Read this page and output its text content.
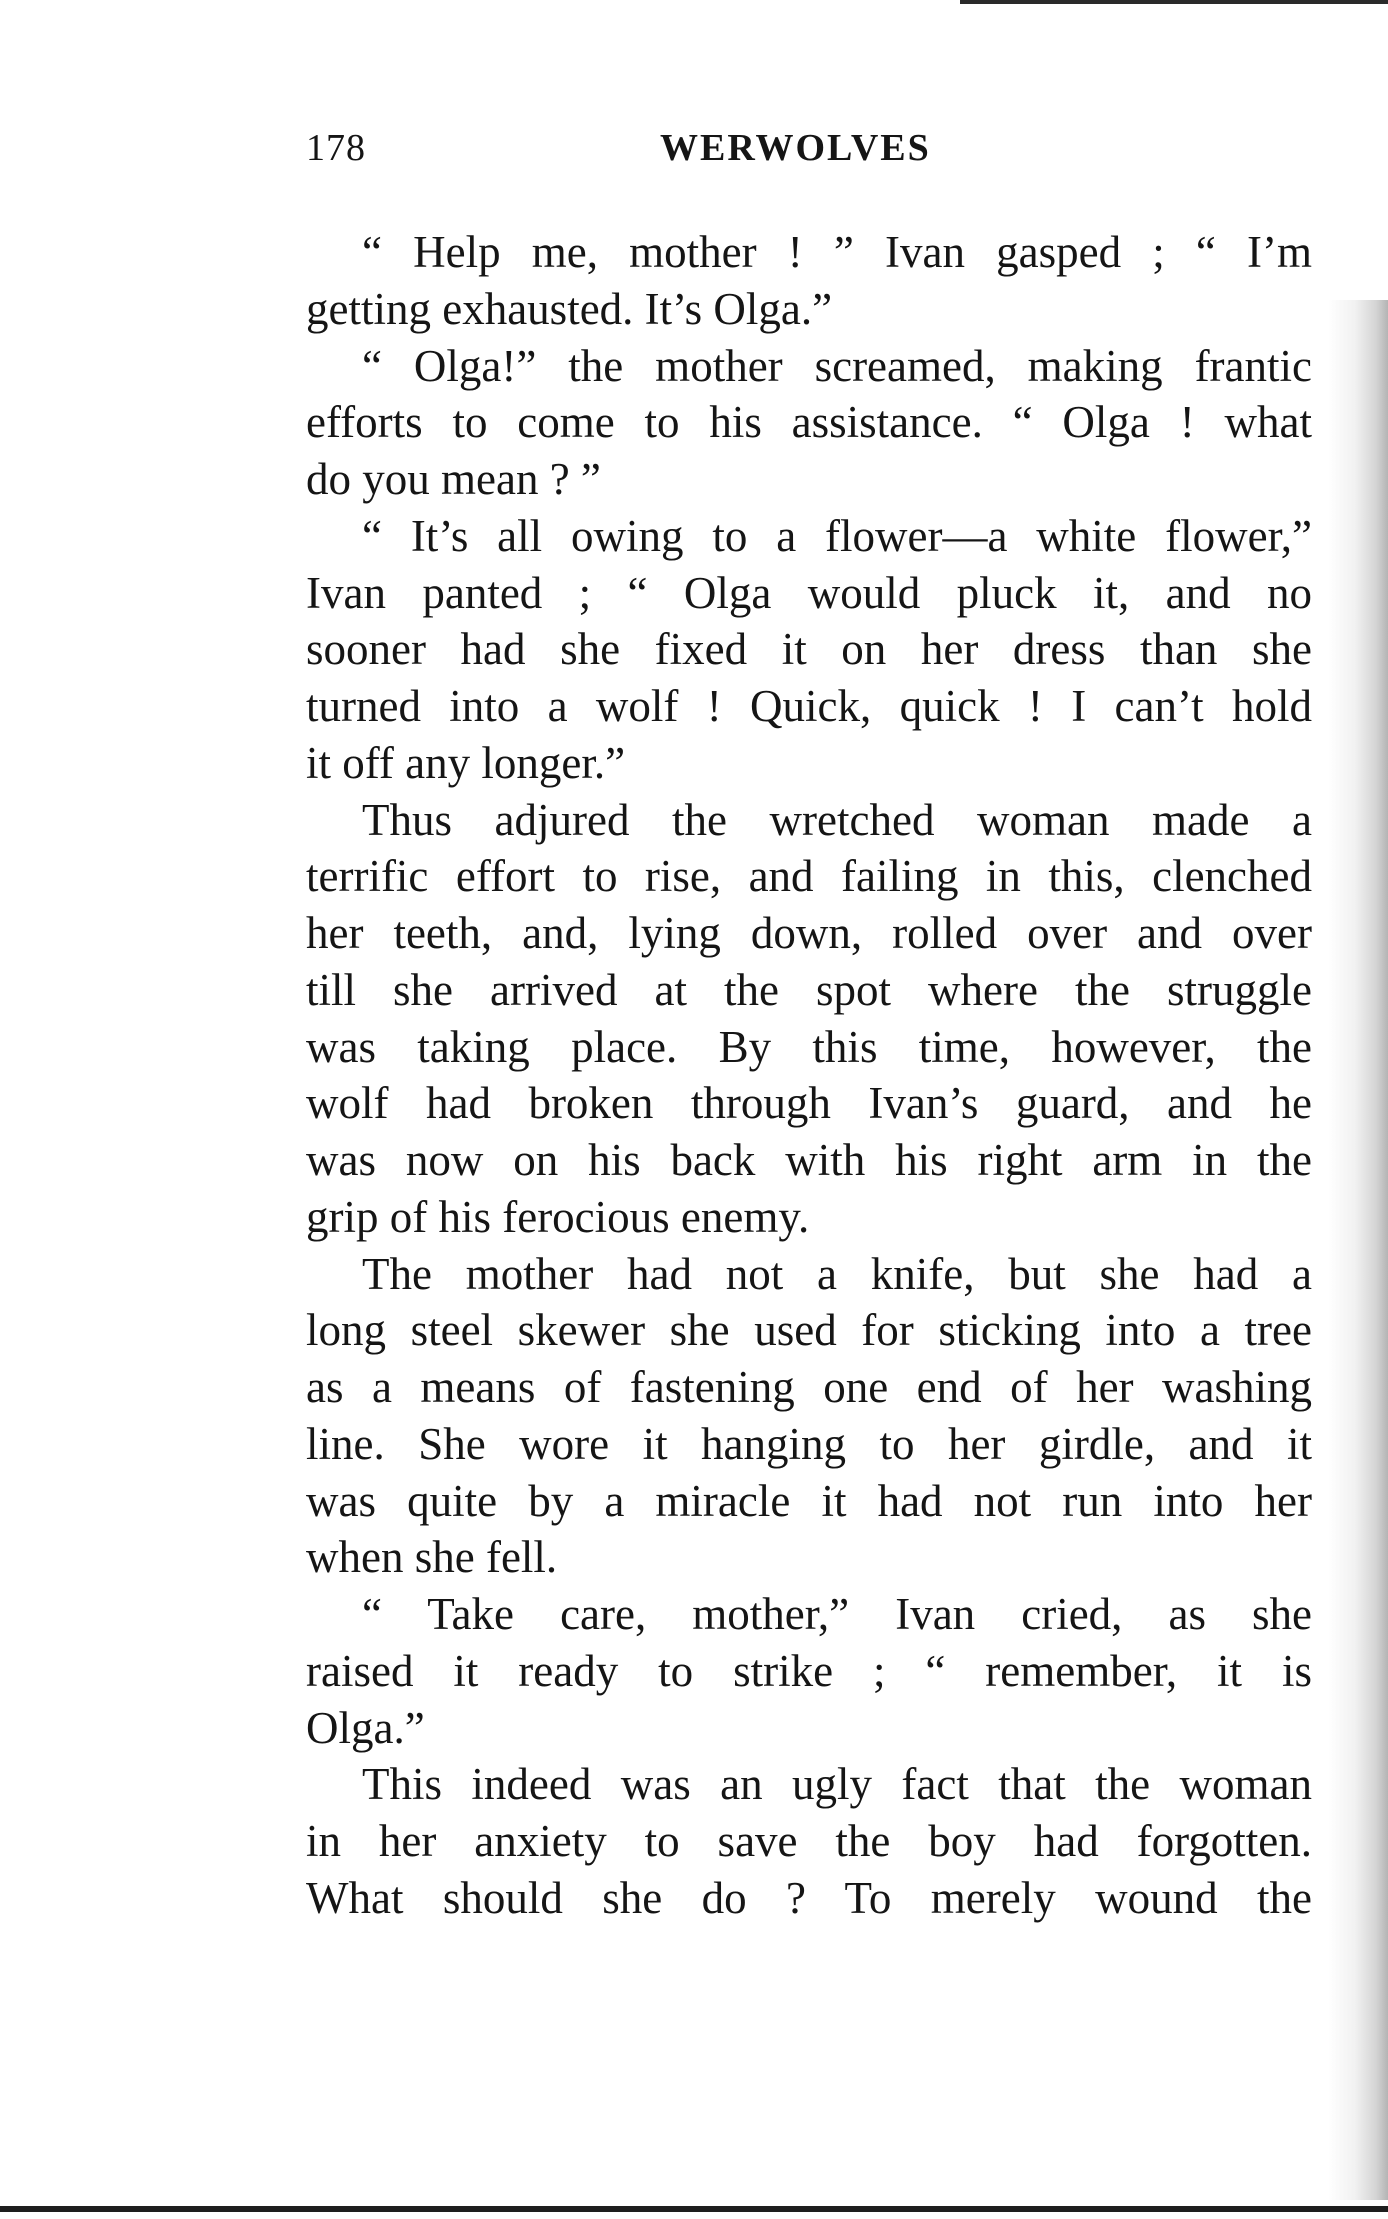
178	WERWOLVES
“ Help me, mother ! ” Ivan gasped ; “ I’m
getting exhausted. It’s Olga.”
“ Olga!” the mother screamed, making frantic
efforts to come to his assistance. “ Olga ! what
do you mean ? ”
“ It’s all owing to a flower—a white flower,”
Ivan panted ; “ Olga would pluck it, and no
sooner had she fixed it on her dress than she
turned into a wolf ! Quick, quick ! I can’t hold
it off any longer.”
Thus adjured the wretched woman made a
terrific effort to rise, and failing in this, clenched
her teeth, and, lying down, rolled over and over
till she arrived at the spot where the struggle
was taking place. By this time, however, the
wolf had broken through Ivan’s guard, and he
was now on his back with his right arm in the
grip of his ferocious enemy.
The mother had not a knife, but she had a
long steel skewer she used for sticking into a tree
as a means of fastening one end of her washing
line. She wore it hanging to her girdle, and it
was quite by a miracle it had not run into her
when she fell.
“ Take care, mother,” Ivan cried, as she
raised it ready to strike ; “ remember, it is
Olga.”
This indeed was an ugly fact that the woman
in her anxiety to save the boy had forgotten.
What should she do ? To merely wound the
